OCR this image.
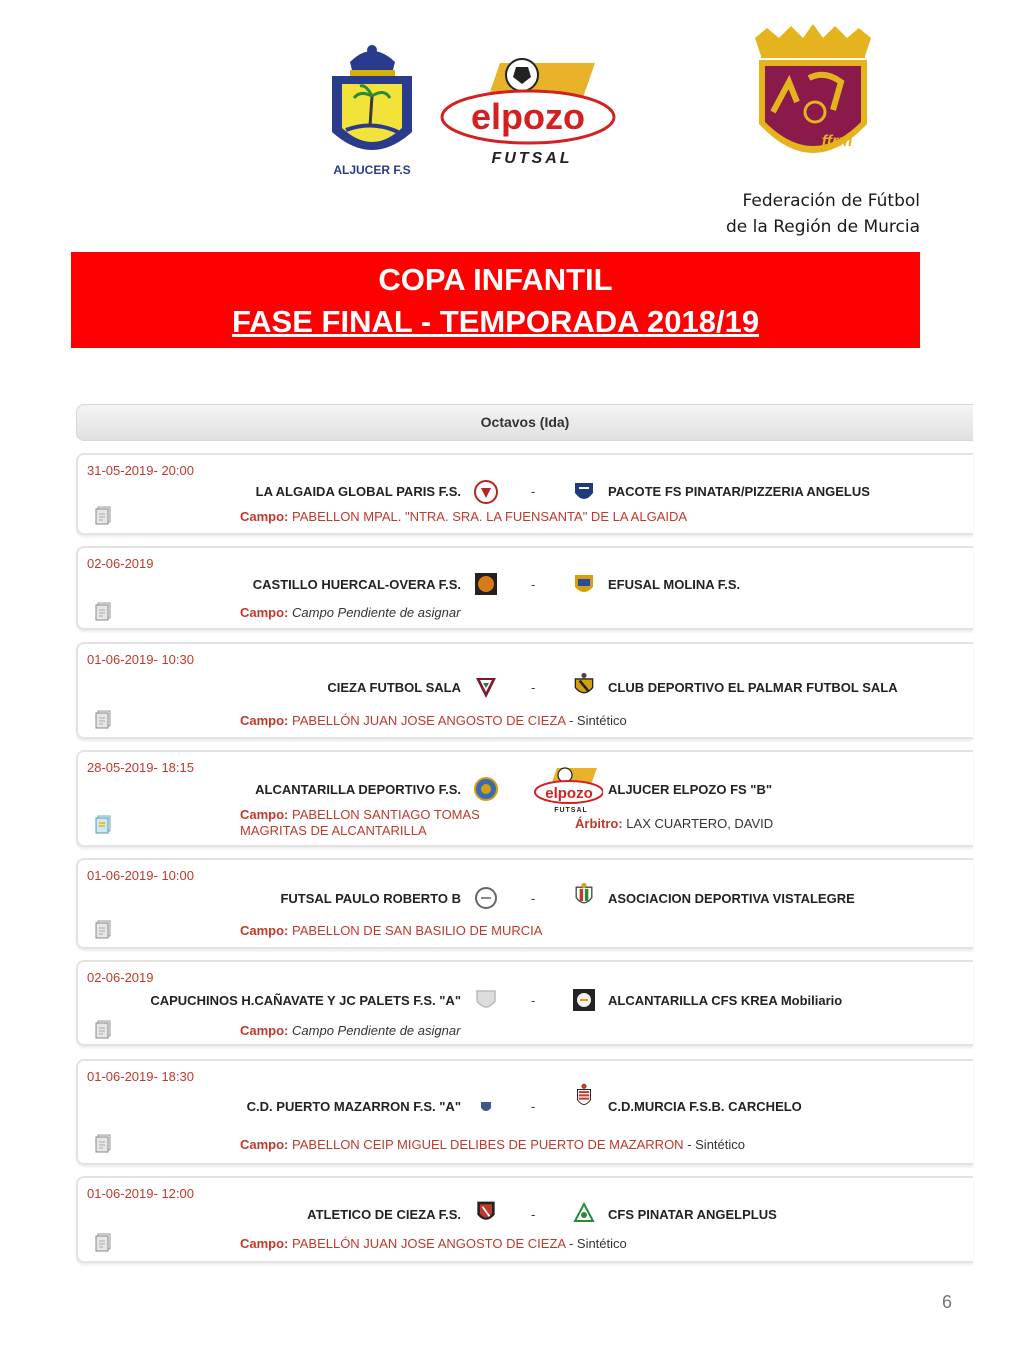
ALJUCER F.S
elpozo
FUTSAL
ffrm
Federación de Fútbol
de la Región de Murcia
COPA INFANTIL
FASE FINAL - TEMPORADA 2018/19
Octavos (Ida)
31-05-2019- 20:00
LA ALGAIDA GLOBAL PARIS F.S.	-	PACOTE FS PINATAR/PIZZERIA ANGELUS
Campo: PABELLON MPAL. "NTRA. SRA. LA FUENSANTA" DE LA ALGAIDA
02-06-2019
CASTILLO HUERCAL-OVERA F.S.	-	EFUSAL MOLINA F.S.
Campo: Campo Pendiente de asignar
01-06-2019- 10:30
CIEZA FUTBOL SALA	-	CLUB DEPORTIVO EL PALMAR FUTBOL SALA
Campo: PABELLÓN JUAN JOSE ANGOSTO DE CIEZA - Sintético
28-05-2019- 18:15
ALCANTARILLA DEPORTIVO F.S.	elpozo
FUTSAL
ALJUCER ELPOZO FS "B"
Campo: PABELLON SANTIAGO TOMAS MAGRITAS DE ALCANTARILLA	Árbitro: LAX CUARTERO, DAVID
01-06-2019- 10:00
FUTSAL PAULO ROBERTO B	-	ASOCIACION DEPORTIVA VISTALEGRE
Campo: PABELLON DE SAN BASILIO DE MURCIA
02-06-2019
CAPUCHINOS H.CAÑAVATE Y JC PALETS F.S. "A"	-	ALCANTARILLA CFS KREA Mobiliario
Campo: Campo Pendiente de asignar
01-06-2019- 18:30
C.D. PUERTO MAZARRON F.S. "A"	-	C.D.MURCIA F.S.B. CARCHELO
Campo: PABELLON CEIP MIGUEL DELIBES DE PUERTO DE MAZARRON - Sintético
01-06-2019- 12:00
ATLETICO DE CIEZA F.S.	-	CFS PINATAR ANGELPLUS
Campo: PABELLÓN JUAN JOSE ANGOSTO DE CIEZA - Sintético
6
